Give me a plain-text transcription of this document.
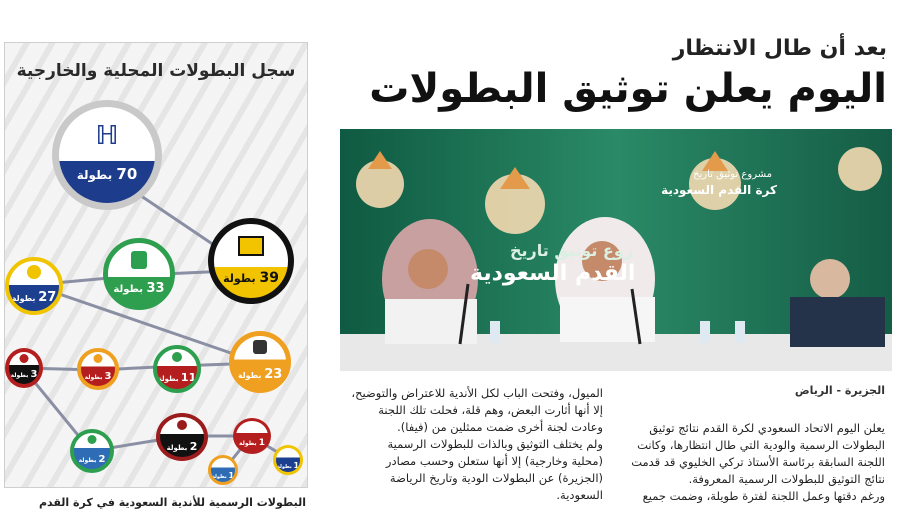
سجل البطولات المحلية والخارجية
ℍ
70 بطولة
39 بطولة
33 بطولة
27 بطولة
23 بطولة
11 بطولة
3 بطولة
3 بطولة
2 بطولة
2 بطولة	1 بطولة
1 بطولة
1 بطولة
البطولات الرسمية للأندية السعودية في كرة القدم
بعد أن طال الانتظار
اليوم يعلن توثيق البطولات
مشروع توثيق تاريخ
كرة القدم السعودية
روع توثيق تاريخ
القدم السعودية
الجزيرة - الرياض
يعلن اليوم الاتحاد السعودي لكرة القدم نتائج توثيق
البطولات الرسمية والودية التي طال انتظارها، وكانت
اللجنة السابقة برئاسة الأستاذ تركي الخليوي قد قدمت
نتائج التوثيق للبطولات الرسمية المعروفة.
ورغم دقتها وعمل اللجنة لفترة طويلة، وضمت جميع
الميول، وفتحت الباب لكل الأندية للاعتراض والتوضيح،
إلا أنها أثارت البعض، وهم قلة، فحلت تلك اللجنة
وعادت لجنة أخرى ضمت ممثلين من (فيفا).
ولم يختلف التوثيق وبالذات للبطولات الرسمية
(محلية وخارجية) إلا أنها ستعلن وحسب مصادر
(الجزيرة) عن البطولات الودية وتاريخ الرياضة
السعودية.
